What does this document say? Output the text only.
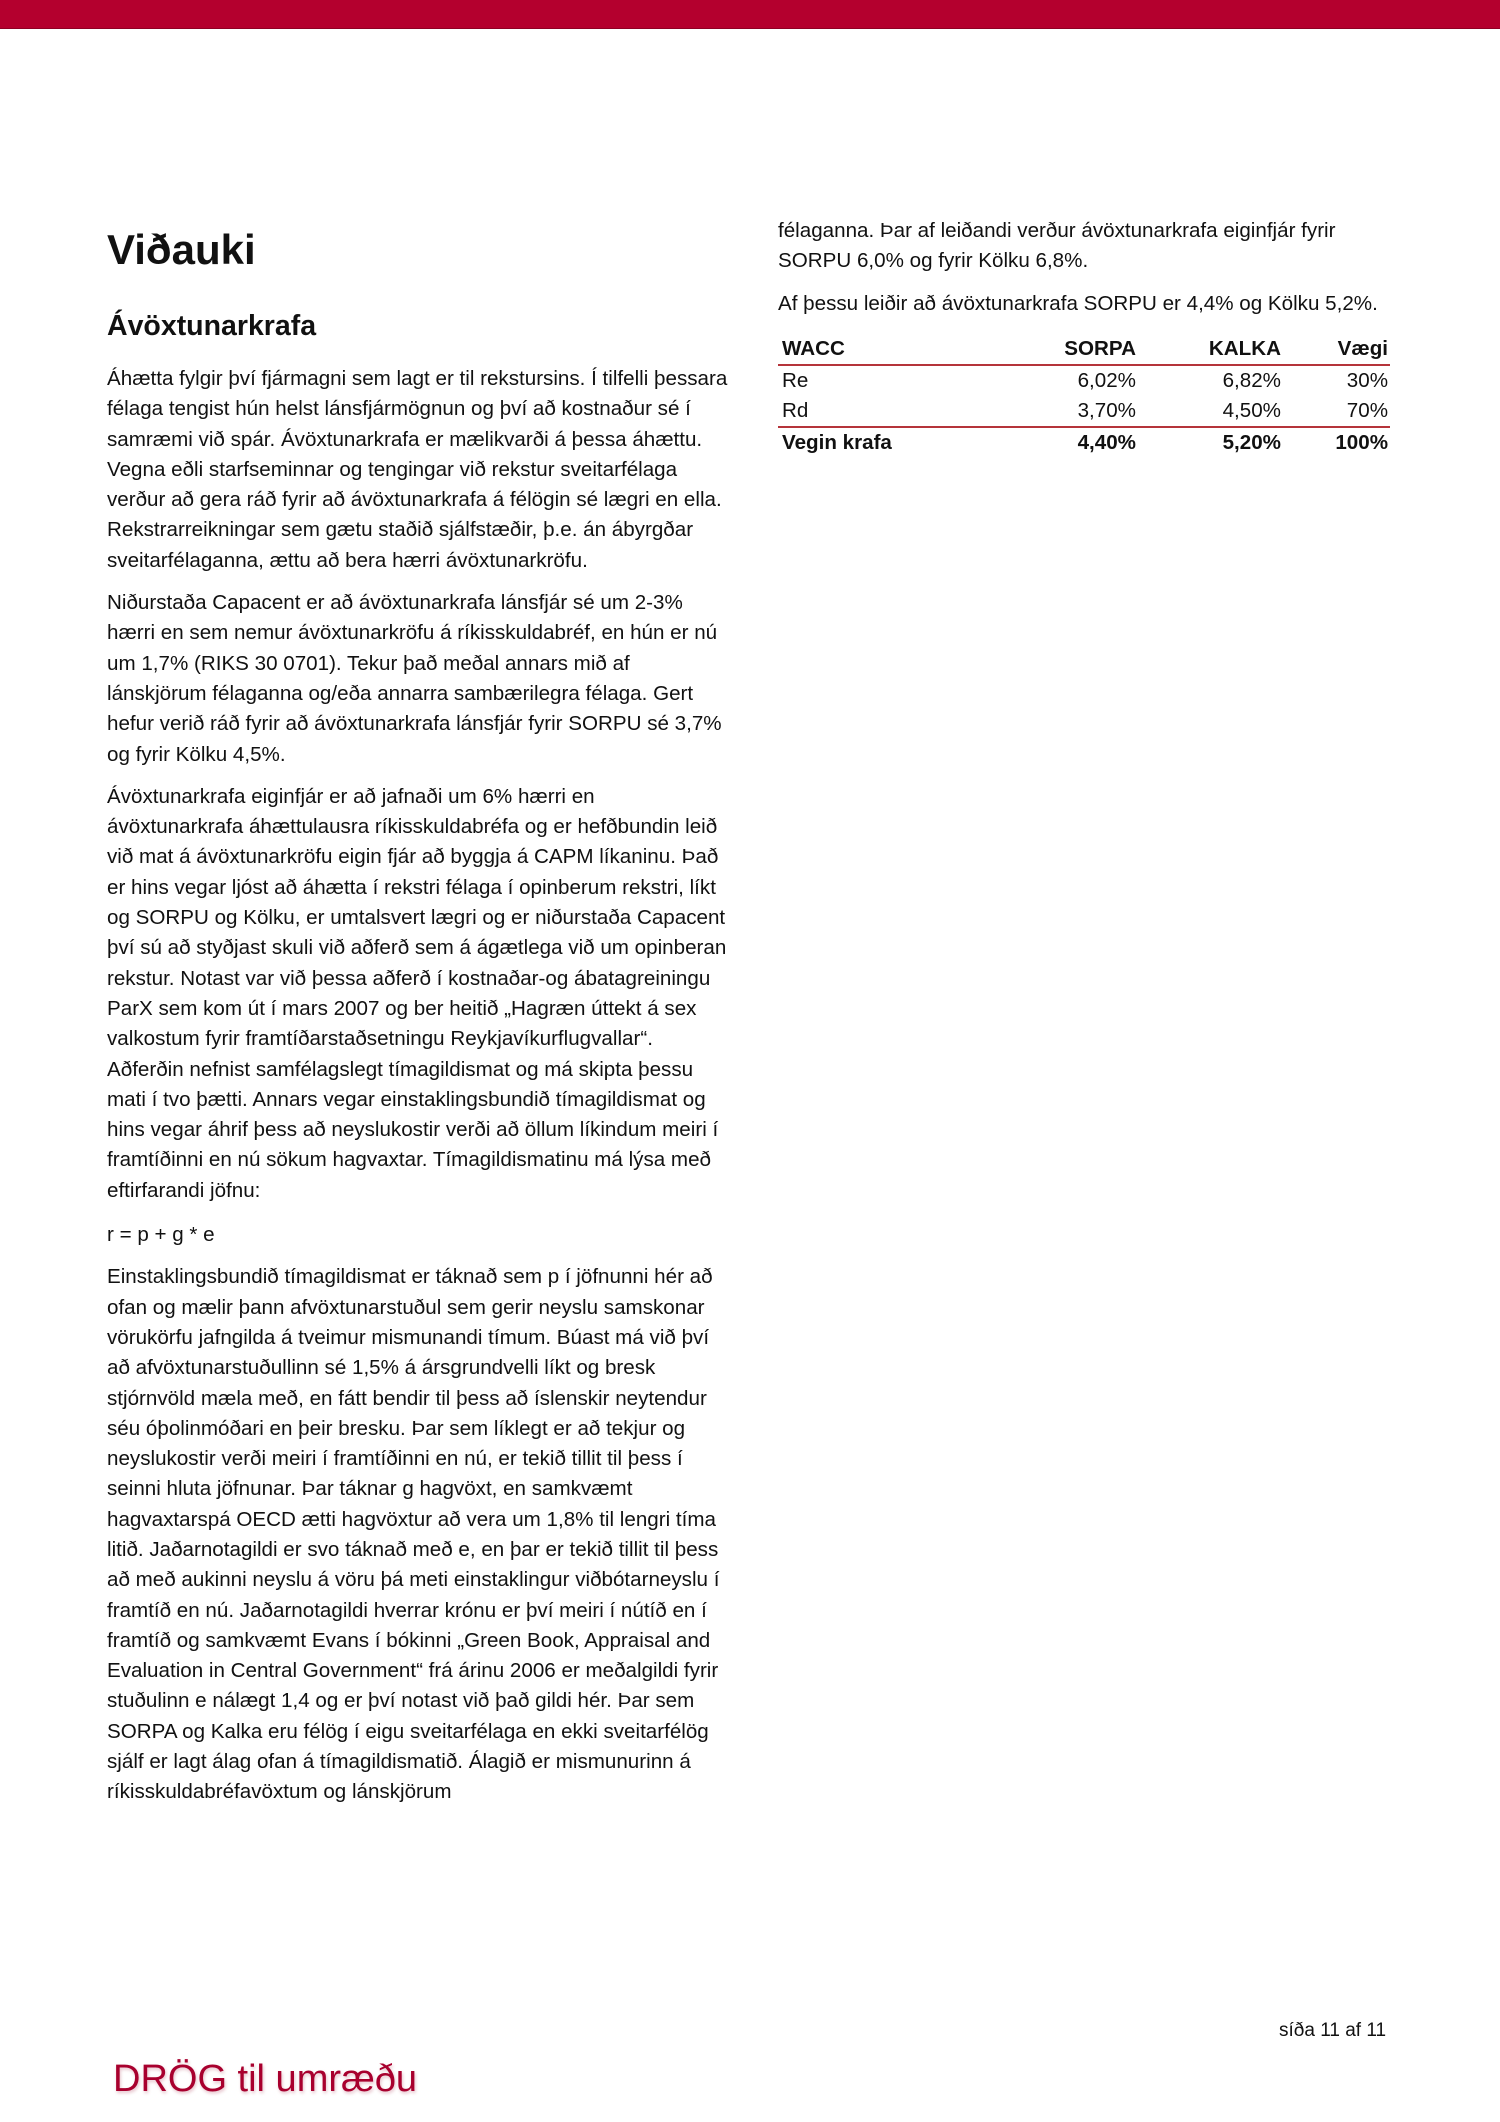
Viðauki
Ávöxtunarkrafa

Áhætta fylgir því fjármagni sem lagt er til rekstursins. Í tilfelli þessara félaga tengist hún helst lánsfjármögnun og því að kostnaður sé í samræmi við spár. Ávöxtunarkrafa er mælikvarði á þessa áhættu. Vegna eðli starfseminnar og tengingar við rekstur sveitarfélaga verður að gera ráð fyrir að ávöxtunarkrafa á félögin sé lægri en ella. Rekstrarreikningar sem gætu staðið sjálfstæðir, þ.e. án ábyrgðar sveitarfélaganna, ættu að bera hærri ávöxtunarkröfu.

Niðurstaða Capacent er að ávöxtunarkrafa lánsfjár sé um 2-3% hærri en sem nemur ávöxtunarkröfu á ríkisskuldabréf, en hún er nú um 1,7% (RIKS 30 0701). Tekur það meðal annars mið af lánskjörum félaganna og/eða annarra sambærilegra félaga. Gert hefur verið ráð fyrir að ávöxtunarkrafa lánsfjár fyrir SORPU sé 3,7% og fyrir Kölku 4,5%.

Ávöxtunarkrafa eiginfjár er að jafnaði um 6% hærri en ávöxtunarkrafa áhættulausra ríkisskuldabréfa og er hefðbundin leið við mat á ávöxtunarkröfu eigin fjár að byggja á CAPM líkaninu. Það er hins vegar ljóst að áhætta í rekstri félaga í opinberum rekstri, líkt og SORPU og Kölku, er umtalsvert lægri og er niðurstaða Capacent því sú að styðjast skuli við aðferð sem á ágætlega við um opinberan rekstur. Notast var við þessa aðferð í kostnaðar-og ábatagreiningu ParX sem kom út í mars 2007 og ber heitið „Hagræn úttekt á sex valkostum fyrir framtíðarstaðsetningu Reykjavíkurflugvallar“. Aðferðin nefnist samfélagslegt tímagildismat og má skipta þessu mati í tvo þætti. Annars vegar einstaklingsbundið tímagildismat og hins vegar áhrif þess að neyslukostir verði að öllum líkindum meiri í framtíðinni en nú sökum hagvaxtar. Tímagildismatinu má lýsa með eftirfarandi jöfnu:

r = p + g * e

Einstaklingsbundið tímagildismat er táknað sem p í jöfnunni hér að ofan og mælir þann afvöxtunarstuðul sem gerir neyslu samskonar vörukörfu jafngilda á tveimur mismunandi tímum. Búast má við því að afvöxtunarstuðullinn sé 1,5% á ársgrundvelli líkt og bresk stjórnvöld mæla með, en fátt bendir til þess að íslenskir neytendur séu óþolinmóðari en þeir bresku. Þar sem líklegt er að tekjur og neyslukostir verði meiri í framtíðinni en nú, er tekið tillit til þess í seinni hluta jöfnunar. Þar táknar g hagvöxt, en samkvæmt hagvaxtarspá OECD ætti hagvöxtur að vera um 1,8% til lengri tíma litið. Jaðarnotagildi er svo táknað með e, en þar er tekið tillit til þess að með aukinni neyslu á vöru þá meti einstaklingur viðbótarneyslu í framtíð en nú. Jaðarnotagildi hverrar krónu er því meiri í nútíð en í framtíð og samkvæmt Evans í bókinni „Green Book, Appraisal and Evaluation in Central Government“ frá árinu 2006 er meðalgildi fyrir stuðulinn e nálægt 1,4 og er því notast við það gildi hér. Þar sem SORPA og Kalka eru félög í eigu sveitarfélaga en ekki sveitarfélög sjálf er lagt álag ofan á tímagildismatið. Álagið er mismunurinn á ríkisskuldabréfavöxtum og lánskjörum

félaganna. Þar af leiðandi verður ávöxtunarkrafa eiginfjár fyrir SORPU 6,0% og fyrir Kölku 6,8%.

Af þessu leiðir að ávöxtunarkrafa SORPU er 4,4% og Kölku 5,2%.

WACC	SORPA	KALKA	Vægi
Re	6,02%	6,82%	30%
Rd	3,70%	4,50%	70%
Vegin krafa	4,40%	5,20%	100%
síða 11 af 11
DRÖG til umræðu
